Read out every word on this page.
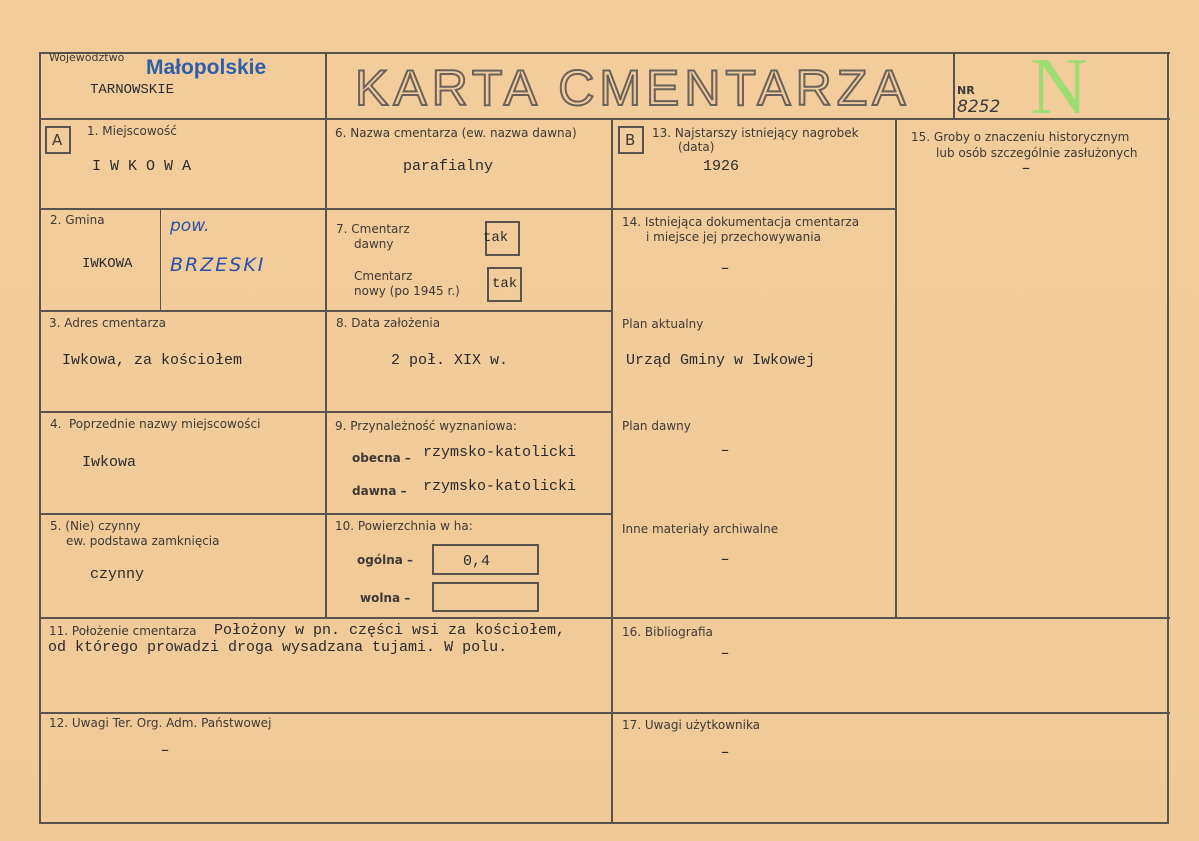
Województwo Małopolskie
TARNOWSKIE	KARTA CMENTARZA	NR
8252 N
A	B
1. Miejscowość
I W K O W A
6. Nazwa cmentarza (ew. nazwa dawna)
parafialny
13. Najstarszy istniejący nagrobek
(data)
1926
15. Groby o znaczeniu historycznym
lub osób szczególnie zasłużonych
–
2. Gmina
IWKOWA
pow.
BRZESKI
7. Cmentarz
dawny	tak
Cmentarz
nowy (po 1945 r.) tak
14. Istniejąca dokumentacja cmentarza
i miejsce jej przechowywania
–
3. Adres cmentarza
Iwkowa, za kościołem
8. Data założenia
2 poł. XIX w.
Plan aktualny
Urząd Gminy w Iwkowej
4. Poprzednie nazwy miejscowości
Iwkowa
9. Przynależność wyznaniowa:
obecna – rzymsko-katolicki
dawna – rzymsko-katolicki
Plan dawny
–
5. (Nie) czynny
ew. podstawa zamknięcia
czynny
10. Powierzchnia w ha:
ogólna –	0,4
wolna –
Inne materiały archiwalne
–
11. Położenie cmentarza Położony w pn. części wsi za kościołem,
od którego prowadzi droga wysadzana tujami. W polu.
16. Bibliografia
–
12. Uwagi Ter. Org. Adm. Państwowej
–
17. Uwagi użytkownika
–
